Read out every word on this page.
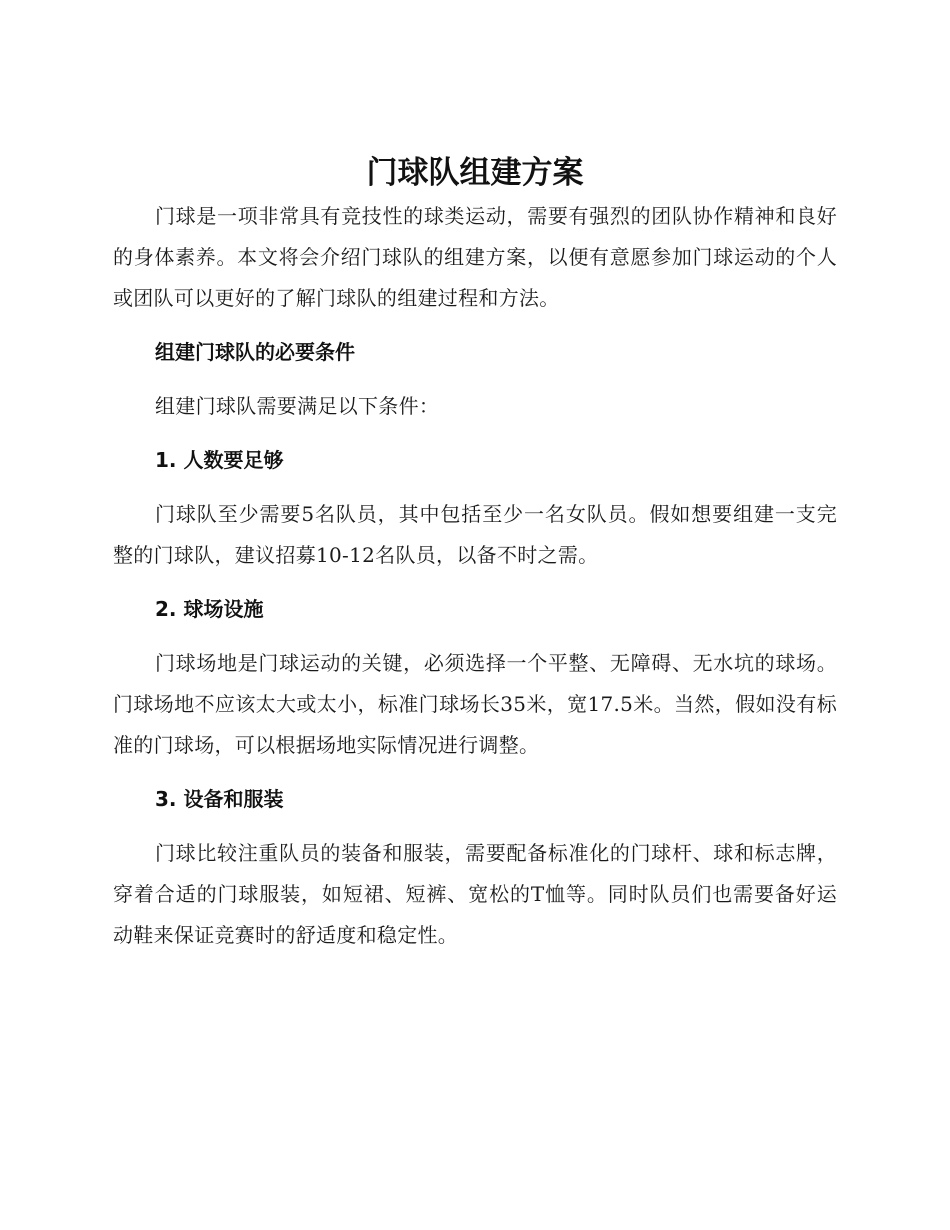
门球队组建方案

门球是一项非常具有竞技性的球类运动，需要有强烈的团队协作精神和良好的身体素养。本文将会介绍门球队的组建方案，以便有意愿参加门球运动的个人或团队可以更好的了解门球队的组建过程和方法。

组建门球队的必要条件

组建门球队需要满足以下条件：

1. 人数要足够

门球队至少需要5名队员，其中包括至少一名女队员。假如想要组建一支完整的门球队，建议招募10-12名队员，以备不时之需。

2. 球场设施

门球场地是门球运动的关键，必须选择一个平整、无障碍、无水坑的球场。门球场地不应该太大或太小，标准门球场长35米，宽17.5米。当然，假如没有标准的门球场，可以根据场地实际情况进行调整。

3. 设备和服装

门球比较注重队员的装备和服装，需要配备标准化的门球杆、球和标志牌，穿着合适的门球服装，如短裙、短裤、宽松的T恤等。同时队员们也需要备好运动鞋来保证竞赛时的舒适度和稳定性。
